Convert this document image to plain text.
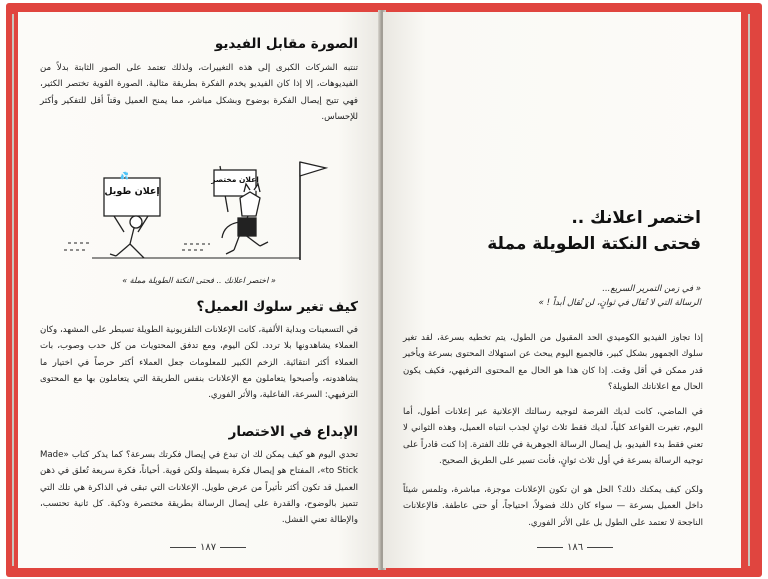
الصورة مقابل الفيديو

تنتبه الشركات الكبرى إلى هذه التغييرات، ولذلك تعتمد على الصور الثابتة بدلاً من الفيديوهات، إلا إذا كان الفيديو يخدم الفكرة بطريقة مثالية. الصورة القوية تختصر الكثير، فهي تتيح إيصال الفكرة بوضوح وبشكل مباشر، مما يمنح العميل وقتاً أقل للتفكير وأكثر للإحساس.

💦
إعلان طويل
إعلان مختصر
« اختصر اعلانك .. فحتى النكتة الطويلة مملة »
كيف تغير سلوك العميل؟

في التسعينات وبداية الألفية، كانت الإعلانات التلفزيونية الطويلة تسيطر على المشهد، وكان العملاء يشاهدونها بلا تردد. لكن اليوم، ومع تدفق المحتويات من كل حدب وصوب، بات العملاء أكثر انتقائية. الزخم الكبير للمعلومات جعل العملاء أكثر حرصاً في اختيار ما يشاهدونه، وأصبحوا يتعاملون مع الإعلانات بنفس الطريقة التي يتعاملون بها مع المحتوى الترفيهي: السرعة، الفاعلية، والأثر الفوري.

الإبداع في الاختصار

تحدي اليوم هو كيف يمكن لك ان تبدع في إيصال فكرتك بسرعة؟ كما يذكر كتاب «Made to Stick»، المفتاح هو إيصال فكرة بسيطة ولكن قوية. أحياناً، فكرة سريعة تُعلق في ذهن العميل قد تكون أكثر تأثيراً من عرض طويل. الإعلانات التي تبقى في الذاكرة هي تلك التي تتميز بالوضوح، والقدرة على إيصال الرسالة بطريقة مختصرة وذكية. كل ثانية تحتسب، والإطالة تعني الفشل.

١٨٧
اختصر اعلانك ..
فحتى النكتة الطويلة مملة
« في زمن التمرير السريع...
الرسالة التي لا تُقال في ثوانٍ، لن تُقال أبداً ! »

إذا تجاوز الفيديو الكوميدي الحد المقبول من الطول، يتم تخطيه بسرعة، لقد تغير سلوك الجمهور بشكل كبير، فالجميع اليوم يبحث عن استهلاك المحتوى بسرعة ويأخير قدر ممكن في أقل وقت. إذا كان هذا هو الحال مع المحتوى الترفيهي، فكيف يكون الحال مع اعلاناتك الطويلة؟

في الماضي، كانت لديك الفرصة لتوجيه رسالتك الإعلانية عبر إعلانات أطول، أما اليوم، تغيرت القواعد كلياً، لديك فقط ثلاث ثوانٍ لجذب انتباه العميل، وهذه الثواني لا تعني فقط بدء الفيديو، بل إيصال الرسالة الجوهرية في تلك الفترة. إذا كنت قادراً على توجيه الرسالة بسرعة في أول ثلاث ثوانٍ، فأنت تسير على الطريق الصحيح.

ولكن كيف يمكنك ذلك؟ الحل هو ان تكون الإعلانات موجزة، مباشرة، وتلمس شيئاً داخل العميل بسرعة — سواء كان ذلك فضولاً، احتياجاً، أو حتى عاطفة. فالإعلانات الناجحة لا تعتمد على الطول بل على الأثر الفوري.

١٨٦
